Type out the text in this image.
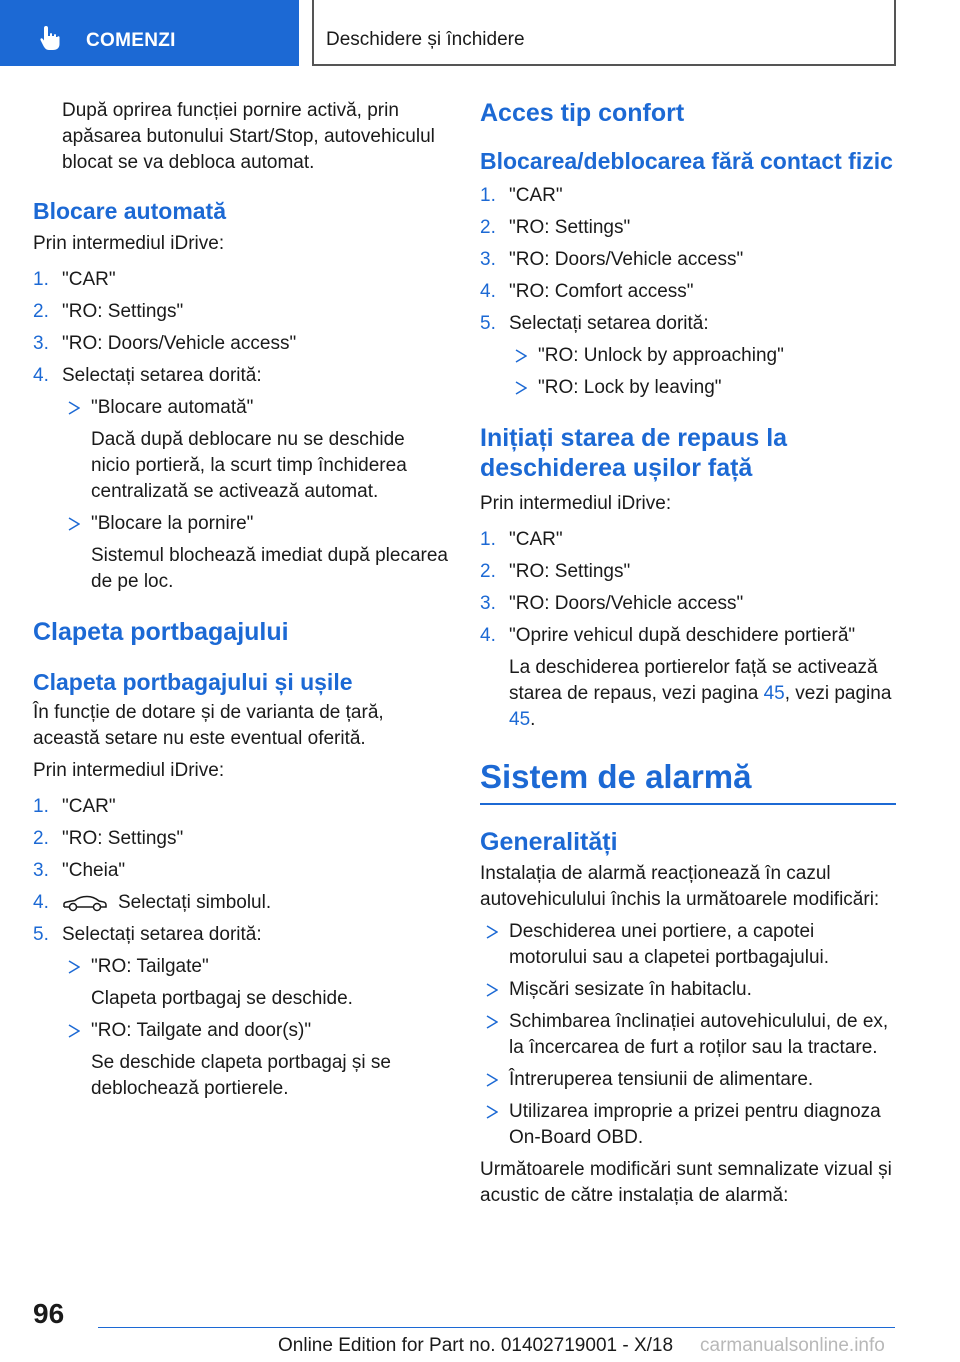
COMENZI	Deschidere și închidere

După oprirea funcției pornire activă, prin apăsarea butonului Start/Stop, autovehiculul blocat se va debloca automat.

Blocare automată

Prin intermediul iDrive:

1. "CAR"
2. "RO: Settings"
3. "RO: Doors/Vehicle access"
4. Selectați setarea dorită:
"Blocare automată"
Dacă după deblocare nu se deschide nicio portieră, la scurt timp închiderea centralizată se activează automat.
"Blocare la pornire"
Sistemul blochează imediat după plecarea de pe loc.
Clapeta portbagajului
Clapeta portbagajului și ușile

În funcție de dotare și de varianta de țară, această setare nu este eventual oferită.

Prin intermediul iDrive:

1. "CAR"
2. "RO: Settings"
3. "Cheia"
4.	Selectați simbolul.
5. Selectați setarea dorită:
"RO: Tailgate"
Clapeta portbagaj se deschide.
"RO: Tailgate and door(s)"
Se deschide clapeta portbagaj și se deblochează portierele.
Acces tip confort
Blocarea/deblocarea fără contact fizic
1. "CAR"
2. "RO: Settings"
3. "RO: Doors/Vehicle access"
4. "RO: Comfort access"
5. Selectați setarea dorită:
"RO: Unlock by approaching"
"RO: Lock by leaving"
Inițiați starea de repaus la deschiderea ușilor față

Prin intermediul iDrive:

1. "CAR"
2. "RO: Settings"
3. "RO: Doors/Vehicle access"
4. "Oprire vehicul după deschidere portieră"
La deschiderea portierelor față se activează starea de repaus, vezi pagina 45, vezi pagina 45.
Sistem de alarmă
Generalități

Instalația de alarmă reacționează în cazul autovehiculului închis la următoarele modificări:

Deschiderea unei portiere, a capotei motorului sau a clapetei portbagajului.
Mișcări sesizate în habitaclu.
Schimbarea înclinației autovehiculului, de ex, la încercarea de furt a roților sau la tractare.
Întreruperea tensiunii de alimentare.
Utilizarea improprie a prizei pentru diagnoza On-Board OBD.

Următoarele modificări sunt semnalizate vizual și acustic de către instalația de alarmă:

96
Online Edition for Part no. 01402719001 - X/18 carmanualsonline.info
